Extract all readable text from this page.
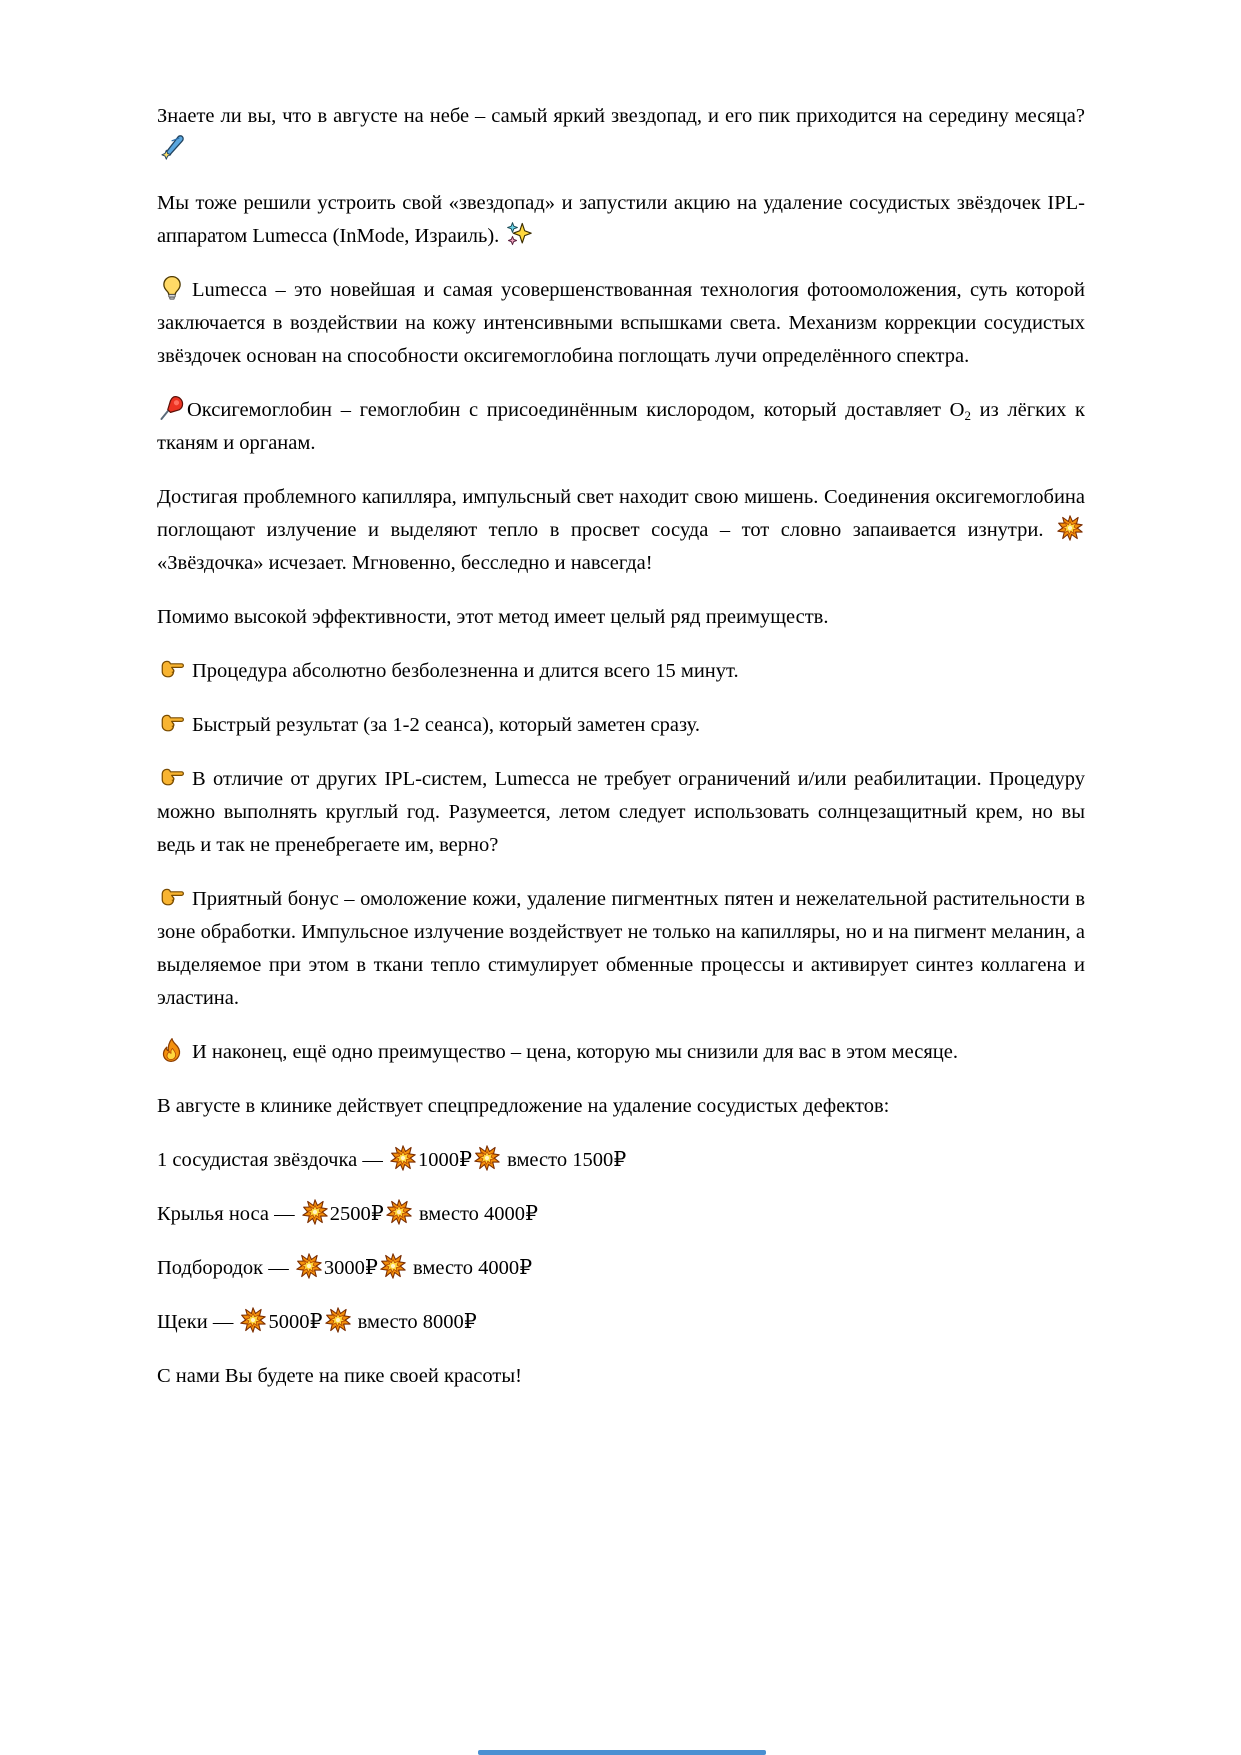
Знаете ли вы, что в августе на небе – самый яркий звездопад, и его пик приходится на середину месяца?

Мы тоже решили устроить свой «звездопад» и запустили акцию на удаление сосудистых звёздочек IPL-аппаратом Lumecca (InMode, Израиль).

Lumecca – это новейшая и самая усовершенствованная технология фотоомоложения, суть которой заключается в воздействии на кожу интенсивными вспышками света. Механизм коррекции сосудистых звёздочек основан на способности оксигемоглобина поглощать лучи определённого спектра.

Оксигемоглобин – гемоглобин с присоединённым кислородом, который доставляет $O_2$ из лёгких к тканям и органам.

Достигая проблемного капилляра, импульсный свет находит свою мишень. Соединения оксигемоглобина поглощают излучение и выделяют тепло в просвет сосуда – тот словно запаивается изнутри.
«Звёздочка» исчезает. Мгновенно, бесследно и навсегда!

Помимо высокой эффективности, этот метод имеет целый ряд преимуществ.

Процедура абсолютно безболезненна и длится всего 15 минут.

Быстрый результат (за 1-2 сеанса), который заметен сразу.

В отличие от других IPL-систем, Lumecca не требует ограничений и/или реабилитации. Процедуру можно выполнять круглый год. Разумеется, летом следует использовать солнцезащитный крем, но вы ведь и так не пренебрегаете им, верно?

Приятный бонус – омоложение кожи, удаление пигментных пятен и нежелательной растительности в зоне обработки. Импульсное излучение воздействует не только на капилляры, но и на пигмент меланин, а выделяемое при этом в ткани тепло стимулирует обменные процессы и активирует синтез коллагена и эластина.

И наконец, ещё одно преимущество – цена, которую мы снизили для вас в этом месяце.

В августе в клинике действует спецпредложение на удаление сосудистых дефектов:

1 сосудистая звёздочка —
1000₽
вместо 1500₽

Крылья носа —
2500₽
вместо 4000₽

Подбородок —
3000₽
вместо 4000₽

Щеки —
5000₽
вместо 8000₽

С нами Вы будете на пике своей красоты!
